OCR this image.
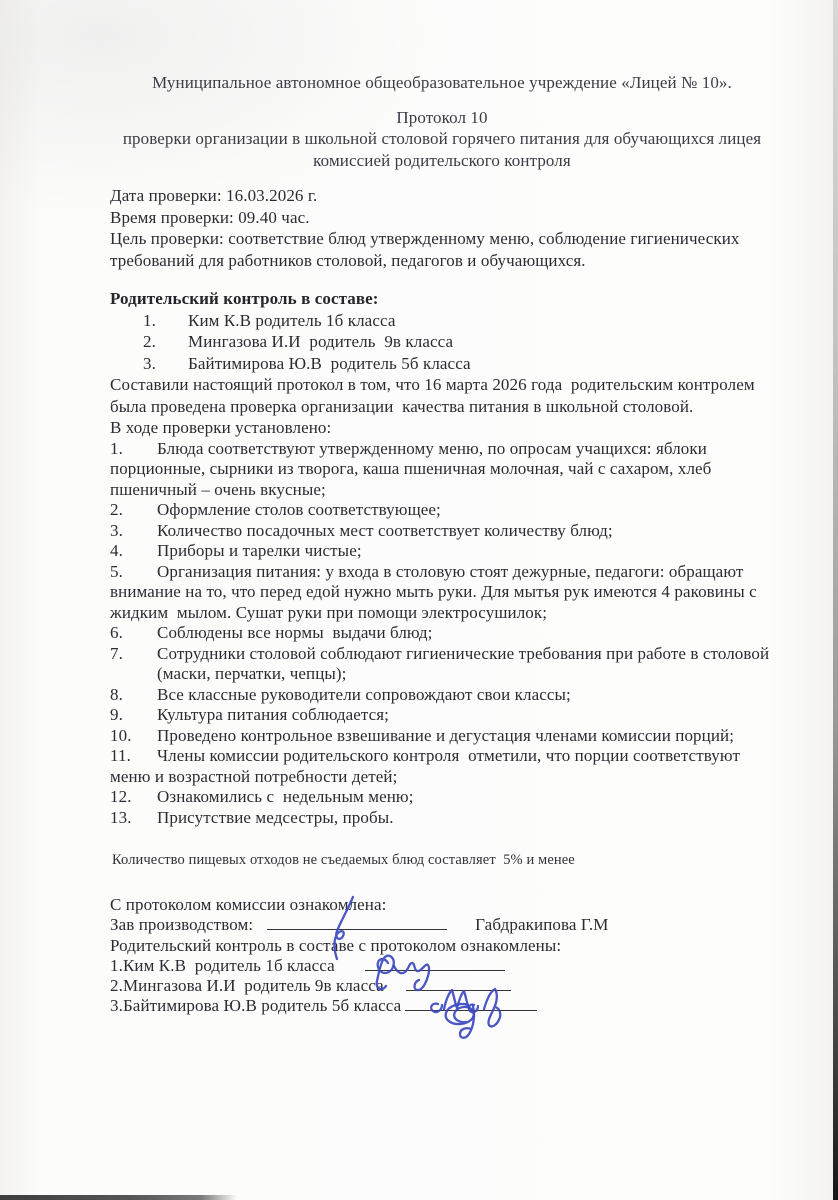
Муниципальное автономное общеобразовательное учреждение «Лицей № 10».

Протокол 10

проверки организации в школьной столовой горячего питания для обучающихся лицея комиссией родительского контроля

Дата проверки: 16.03.2026 г.

Время проверки: 09.40 час.

Цель проверки: соответствие блюд утвержденному меню, соблюдение гигиенических требований для работников столовой, педагогов и обучающихся.

Родительский контроль в составе:

1. Ким К.В родитель 1б класса
2. Мингазова И.И  родитель  9в класса
3. Байтимирова Ю.В  родитель 5б класса

Составили настоящий протокол в том, что 16 марта 2026 года  родительским контролем была проведена проверка организации  качества питания в школьной столовой.

В ходе проверки установлено:

1. Блюда соответствуют утвержденному меню, по опросам учащихся: яблоки порционные, сырники из творога, каша пшеничная молочная, чай с сахаром, хлеб пшеничный – очень вкусные;
2. Оформление столов соответствующее;
3. Количество посадочных мест соответствует количеству блюд;
4. Приборы и тарелки чистые;
5. Организация питания: у входа в столовую стоят дежурные, педагоги: обращают внимание на то, что перед едой нужно мыть руки. Для мытья рук имеются 4 раковины с жидким  мылом. Сушат руки при помощи электросушилок;
6. Соблюдены все нормы  выдачи блюд;
7. Сотрудники столовой соблюдают гигиенические требования при работе в столовой (маски, перчатки, чепцы);
8. Все классные руководители сопровождают свои классы;
9. Культура питания соблюдается;
10. Проведено контрольное взвешивание и дегустация членами комиссии порций;
11. Члены комиссии родительского контроля  отметили, что порции соответствуют меню и возрастной потребности детей;
12. Ознакомились с  недельным меню;
13. Присутствие медсестры, пробы.

Количество пищевых отходов не съедаемых блюд составляет  5% и менее

С протоколом комиссии ознакомлена:

Зав производством:	Габдракипова Г.М

Родительский контроль в составе с протоколом ознакомлены:

1.Ким К.В  родитель 1б класса
2.Мингазова И.И  родитель 9в класса
3.Байтимирова Ю.В родитель 5б класса
